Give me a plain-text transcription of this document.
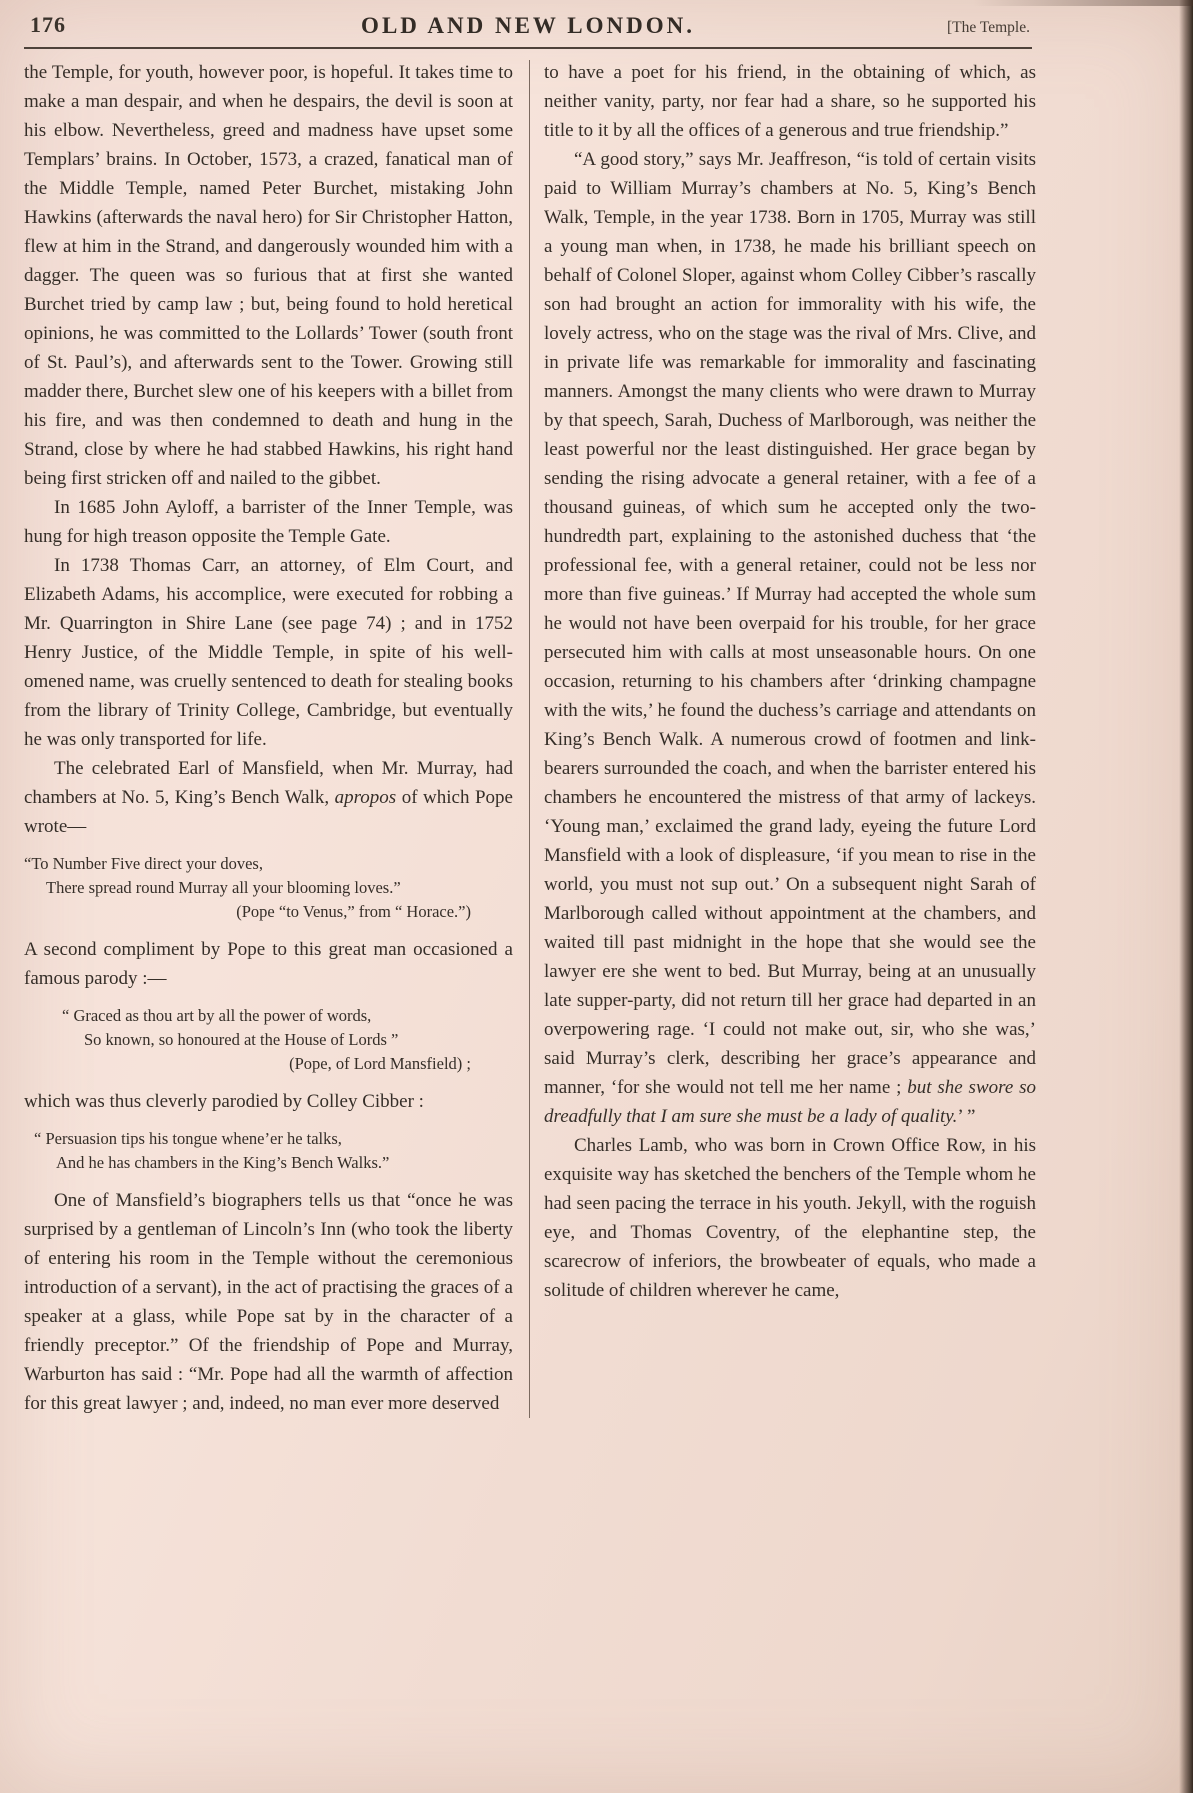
176	OLD AND NEW LONDON.	[The Temple.

the Temple, for youth, however poor, is hopeful. It takes time to make a man despair, and when he despairs, the devil is soon at his elbow. Nevertheless, greed and madness have upset some Templars’ brains. In October, 1573, a crazed, fanatical man of the Middle Temple, named Peter Burchet, mistaking John Hawkins (afterwards the naval hero) for Sir Christopher Hatton, flew at him in the Strand, and dangerously wounded him with a dagger. The queen was so furious that at first she wanted Burchet tried by camp law ; but, being found to hold heretical opinions, he was committed to the Lollards’ Tower (south front of St. Paul’s), and afterwards sent to the Tower. Growing still madder there, Burchet slew one of his keepers with a billet from his fire, and was then condemned to death and hung in the Strand, close by where he had stabbed Hawkins, his right hand being first stricken off and nailed to the gibbet.

In 1685 John Ayloff, a barrister of the Inner Temple, was hung for high treason opposite the Temple Gate.

In 1738 Thomas Carr, an attorney, of Elm Court, and Elizabeth Adams, his accomplice, were executed for robbing a Mr. Quarrington in Shire Lane (see page 74) ; and in 1752 Henry Justice, of the Middle Temple, in spite of his well-omened name, was cruelly sentenced to death for stealing books from the library of Trinity College, Cambridge, but eventually he was only transported for life.

The celebrated Earl of Mansfield, when Mr. Murray, had chambers at No. 5, King’s Bench Walk, apropos of which Pope wrote—

“To Number Five direct your doves,
There spread round Murray all your blooming loves.”
(Pope “to Venus,” from “ Horace.”)

A second compliment by Pope to this great man occasioned a famous parody :—

“ Graced as thou art by all the power of words,
So known, so honoured at the House of Lords ”
(Pope, of Lord Mansfield) ;

which was thus cleverly parodied by Colley Cibber :

“ Persuasion tips his tongue whene’er he talks,
And he has chambers in the King’s Bench Walks.”

One of Mansfield’s biographers tells us that “once he was surprised by a gentleman of Lincoln’s Inn (who took the liberty of entering his room in the Temple without the ceremonious introduction of a servant), in the act of practising the graces of a speaker at a glass, while Pope sat by in the character of a friendly preceptor.” Of the friendship of Pope and Murray, Warburton has said : “Mr. Pope had all the warmth of affection for this great lawyer ; and, indeed, no man ever more deserved

to have a poet for his friend, in the obtaining of which, as neither vanity, party, nor fear had a share, so he supported his title to it by all the offices of a generous and true friendship.”

“A good story,” says Mr. Jeaffreson, “is told of certain visits paid to William Murray’s chambers at No. 5, King’s Bench Walk, Temple, in the year 1738. Born in 1705, Murray was still a young man when, in 1738, he made his brilliant speech on behalf of Colonel Sloper, against whom Colley Cibber’s rascally son had brought an action for immorality with his wife, the lovely actress, who on the stage was the rival of Mrs. Clive, and in private life was remarkable for immorality and fascinating manners. Amongst the many clients who were drawn to Murray by that speech, Sarah, Duchess of Marlborough, was neither the least powerful nor the least distinguished. Her grace began by sending the rising advocate a general retainer, with a fee of a thousand guineas, of which sum he accepted only the two-hundredth part, explaining to the astonished duchess that ‘the professional fee, with a general retainer, could not be less nor more than five guineas.’ If Murray had accepted the whole sum he would not have been overpaid for his trouble, for her grace persecuted him with calls at most unseasonable hours. On one occasion, returning to his chambers after ‘drinking champagne with the wits,’ he found the duchess’s carriage and attendants on King’s Bench Walk. A numerous crowd of footmen and link-bearers surrounded the coach, and when the barrister entered his chambers he encountered the mistress of that army of lackeys. ‘Young man,’ exclaimed the grand lady, eyeing the future Lord Mansfield with a look of displeasure, ‘if you mean to rise in the world, you must not sup out.’ On a subsequent night Sarah of Marlborough called without appointment at the chambers, and waited till past midnight in the hope that she would see the lawyer ere she went to bed. But Murray, being at an unusually late supper-party, did not return till her grace had departed in an overpowering rage. ‘I could not make out, sir, who she was,’ said Murray’s clerk, describing her grace’s appearance and manner, ‘for she would not tell me her name ; but she swore so dreadfully that I am sure she must be a lady of quality.’ ”

Charles Lamb, who was born in Crown Office Row, in his exquisite way has sketched the benchers of the Temple whom he had seen pacing the terrace in his youth. Jekyll, with the roguish eye, and Thomas Coventry, of the elephantine step, the scarecrow of inferiors, the browbeater of equals, who made a solitude of children wherever he came,
